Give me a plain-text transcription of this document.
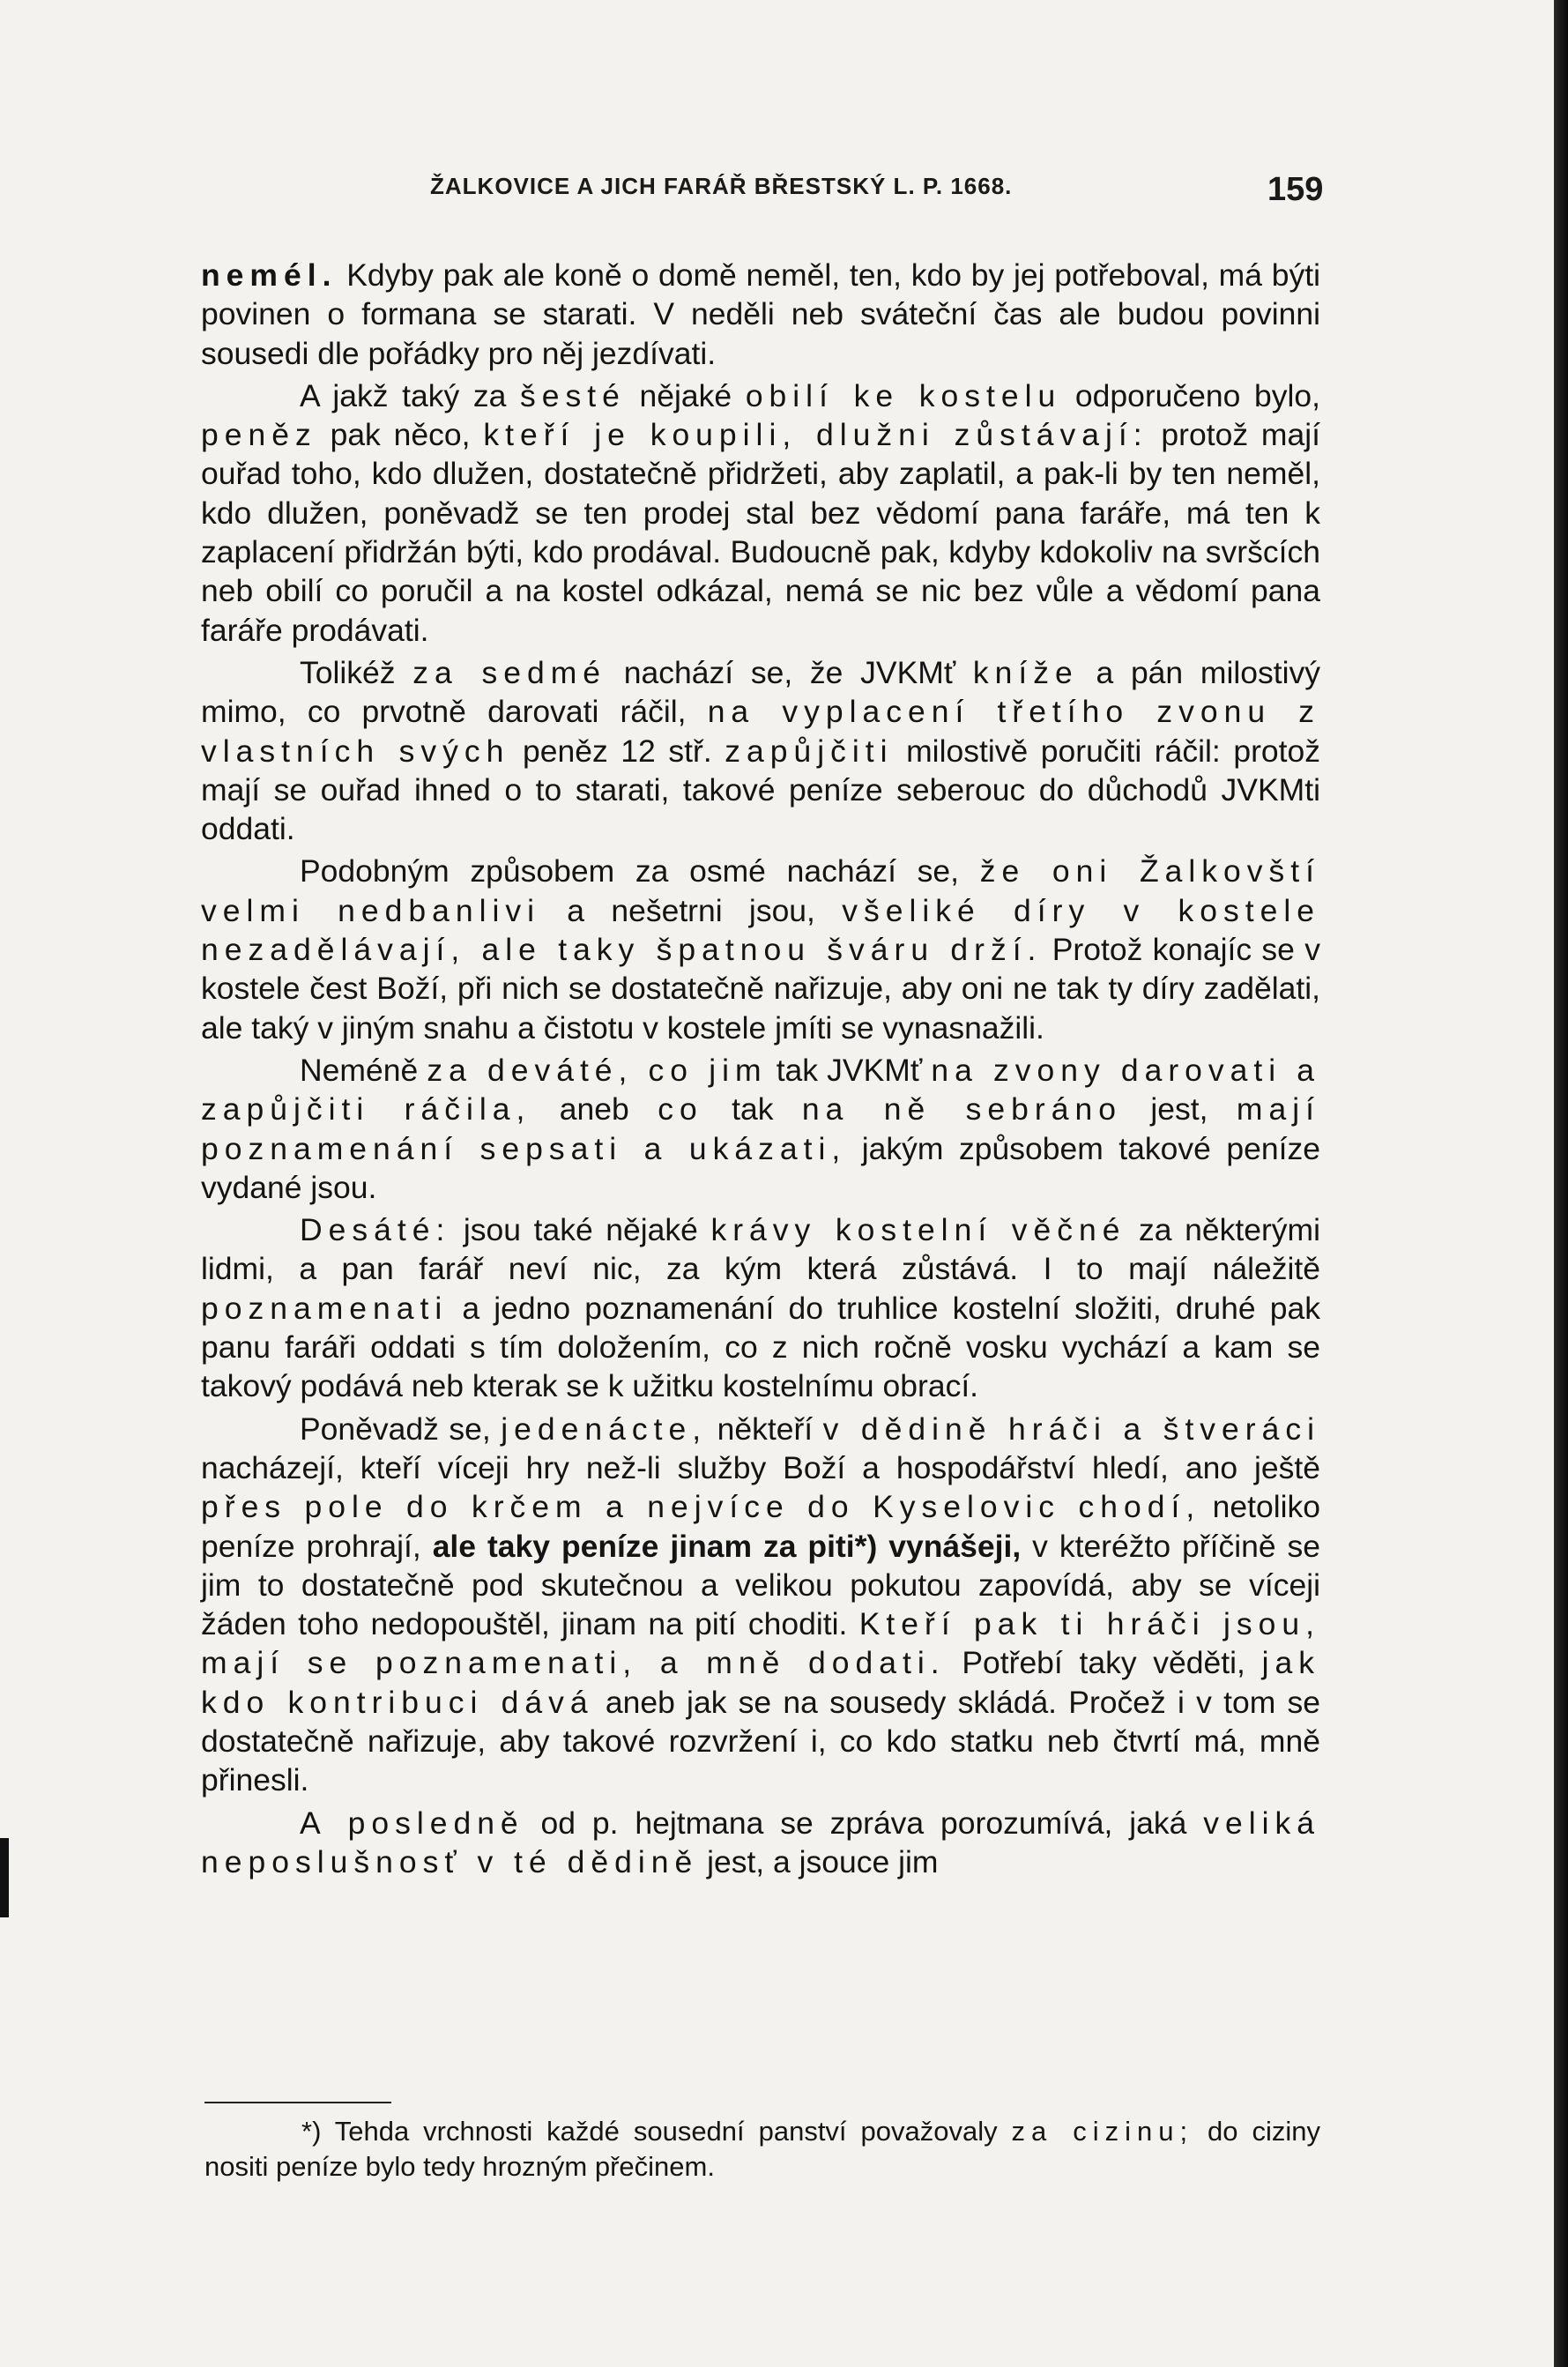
ŽALKOVICE A JICH FARÁŘ BŘESTSKÝ L. P. 1668.	159

nemél. Kdyby pak ale koně o domě neměl, ten, kdo by jej potřeboval, má býti povinen o formana se starati. V neděli neb sváteční čas ale budou povinni sousedi dle pořádky pro něj jezdívati.

A jakž taký za šesté nějaké obilí ke kostelu odporučeno bylo, peněz pak něco, kteří je koupili, dlužni zůstávají: protož mají ouřad toho, kdo dlužen, dostatečně přidržeti, aby zaplatil, a pak-li by ten neměl, kdo dlužen, poněvadž se ten prodej stal bez vědomí pana faráře, má ten k zaplacení přidržán býti, kdo prodával. Budoucně pak, kdyby kdokoliv na svršcích neb obilí co poručil a na kostel odkázal, nemá se nic bez vůle a vědomí pana faráře prodávati.

Tolikéž za sedmé nachází se, že JVKMť kníže a pán milostivý mimo, co prvotně darovati ráčil, na vyplacení třetího zvonu z vlastních svých peněz 12 stř. zapůjčiti milostivě poručiti ráčil: protož mají se ouřad ihned o to starati, takové peníze seberouc do důchodů JVKMti oddati.

Podobným způsobem za osmé nachází se, že oni Žalkovští velmi nedbanlivi a nešetrni jsou, všeliké díry v kostele nezadělávají, ale taky špatnou šváru drží. Protož konajíc se v kostele čest Boží, při nich se dostatečně nařizuje, aby oni ne tak ty díry zadělati, ale taký v jiným snahu a čistotu v kostele jmíti se vynasnažili.

Neméně za deváté, co jim tak JVKMť na zvony darovati a zapůjčiti ráčila, aneb co tak na ně sebráno jest, mají poznamenání sepsati a ukázati, jakým způsobem takové peníze vydané jsou.

Desáté: jsou také nějaké krávy kostelní věčné za některými lidmi, a pan farář neví nic, za kým která zůstává. I to mají náležitě poznamenati a jedno poznamenání do truhlice kostelní složiti, druhé pak panu faráři oddati s tím doložením, co z nich ročně vosku vychází a kam se takový podává neb kterak se k užitku kostelnímu obrací.

Poněvadž se, jedenácte, někteří v dědině hráči a štveráci nacházejí, kteří víceji hry než-li služby Boží a hospodářství hledí, ano ještě přes pole do krčem a nejvíce do Kyselovic chodí, netoliko peníze prohrají, ale taky peníze jinam za piti*) vynášeji, v kteréžto příčině se jim to dostatečně pod skutečnou a velikou pokutou zapovídá, aby se víceji žáden toho nedopouštěl, jinam na pití choditi. Kteří pak ti hráči jsou, mají se poznamenati, a mně dodati. Potřebí taky věděti, jak kdo kontribuci dává aneb jak se na sousedy skládá. Pročež i v tom se dostatečně nařizuje, aby takové rozvržení i, co kdo statku neb čtvrtí má, mně přinesli.

A posledně od p. hejtmana se zpráva porozumívá, jaká veliká neposlušnosť v té dědině jest, a jsouce jim

*) Tehda vrchnosti každé sousední panství považovaly za cizinu; do ciziny nositi peníze bylo tedy hrozným přečinem.
